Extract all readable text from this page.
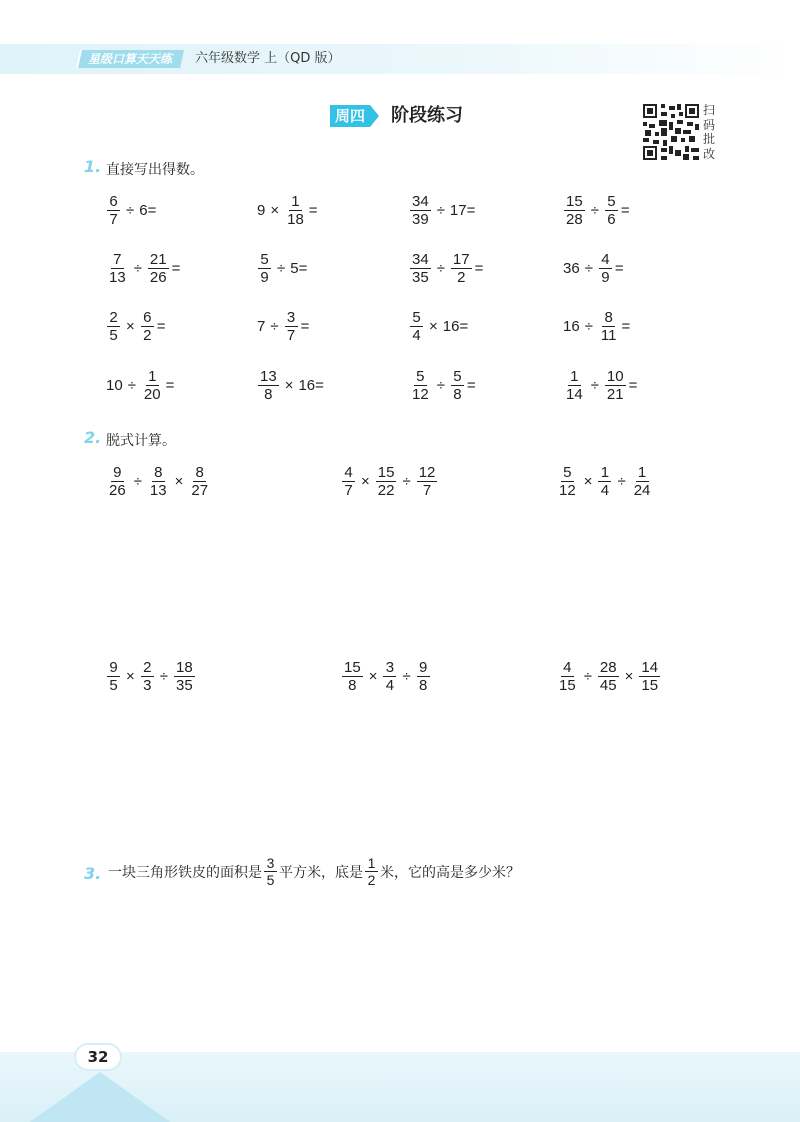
星级口算天天练	六年级数学 上（QD 版）
周四 阶段练习	扫码批改
1. 直接写出得数。
$\frac{6}{7} \div 6=$	$9 \times \frac{1}{18}$ =	$\frac{34}{39} \div 17=$	$\frac{15}{28} \div \frac{5}{6}$ =
$\frac{7}{13} \div \frac{21}{26}$ =	$\frac{5}{9} \div 5=$	$\frac{34}{35} \div \frac{17}{2}$ =	$36 \div \frac{4}{9}$ =
$\frac{2}{5} \times \frac{6}{2}$ =	$7 \div \frac{3}{7}$ =	$\frac{5}{4} \times 16=$	$16 \div \frac{8}{11}$ =
$10 \div \frac{1}{20}$ =	$\frac{13}{8} \times 16=$	$\frac{5}{12} \div \frac{5}{8}$ =	$\frac{1}{14} \div \frac{10}{21}$ =
2. 脱式计算。
$\frac{9}{26} \div \frac{8}{13} \times \frac{8}{27}$	$\frac{4}{7} \times \frac{15}{22} \div \frac{12}{7}$	$\frac{5}{12} \times \frac{1}{4} \div \frac{1}{24}$
$\frac{9}{5} \times \frac{2}{3} \div \frac{18}{35}$	$\frac{15}{8} \times \frac{3}{4} \div \frac{9}{8}$	$\frac{4}{15} \div \frac{28}{45} \times \frac{14}{15}$
3. 一块三角形铁皮的面积是 $\frac{3}{5}$ 平方米，底是 $\frac{1}{2}$ 米，它的高是多少米？
32
